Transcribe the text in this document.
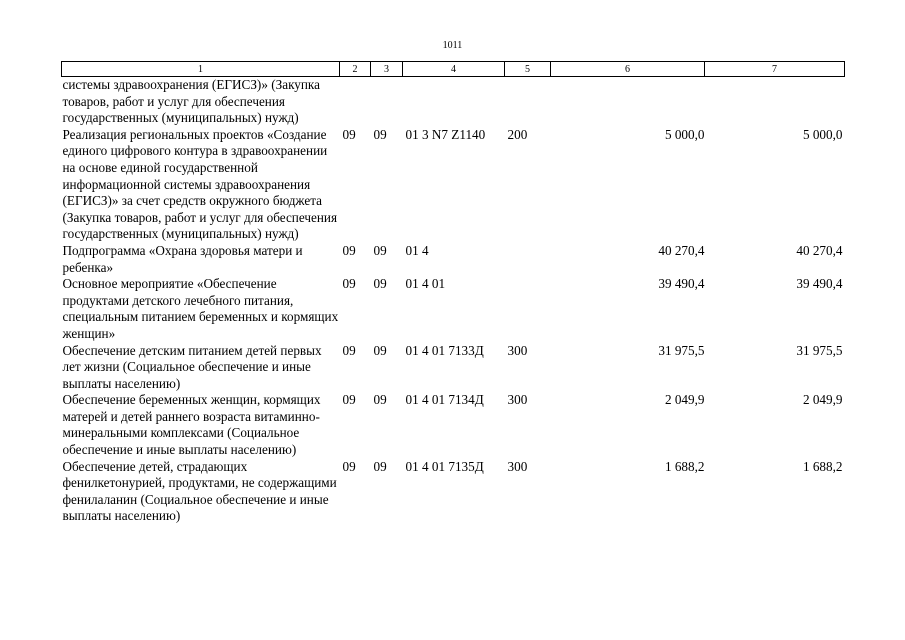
1011
1	2	3	4	5	6	7
системы здравоохранения (ЕГИСЗ)» (Закупка товаров, работ и услуг для обеспечения государственных (муниципальных) нужд)						
Реализация региональных проектов «Создание единого цифрового контура в здравоохранении на основе единой государственной информационной системы здравоохранения (ЕГИСЗ)» за счет средств окружного бюджета (Закупка товаров, работ и услуг для обеспечения государственных (муниципальных) нужд)	09	09	01 3 N7 Z1140	200	5 000,0	5 000,0
Подпрограмма «Охрана здоровья матери и ребенка»	09	09	01 4		40 270,4	40 270,4
Основное мероприятие «Обеспечение продуктами детского лечебного питания, специальным питанием беременных и кормящих женщин»	09	09	01 4 01		39 490,4	39 490,4
Обеспечение детским питанием детей первых лет жизни (Социальное обеспечение и иные выплаты населению)	09	09	01 4 01 7133Д	300	31 975,5	31 975,5
Обеспечение беременных женщин, кормящих матерей и детей раннего возраста витаминно-минеральными комплексами (Социальное обеспечение и иные выплаты населению)	09	09	01 4 01 7134Д	300	2 049,9	2 049,9
Обеспечение детей, страдающих фенилкетонурией, продуктами, не содержащими фенилаланин (Социальное обеспечение и иные выплаты населению)	09	09	01 4 01 7135Д	300	1 688,2	1 688,2
